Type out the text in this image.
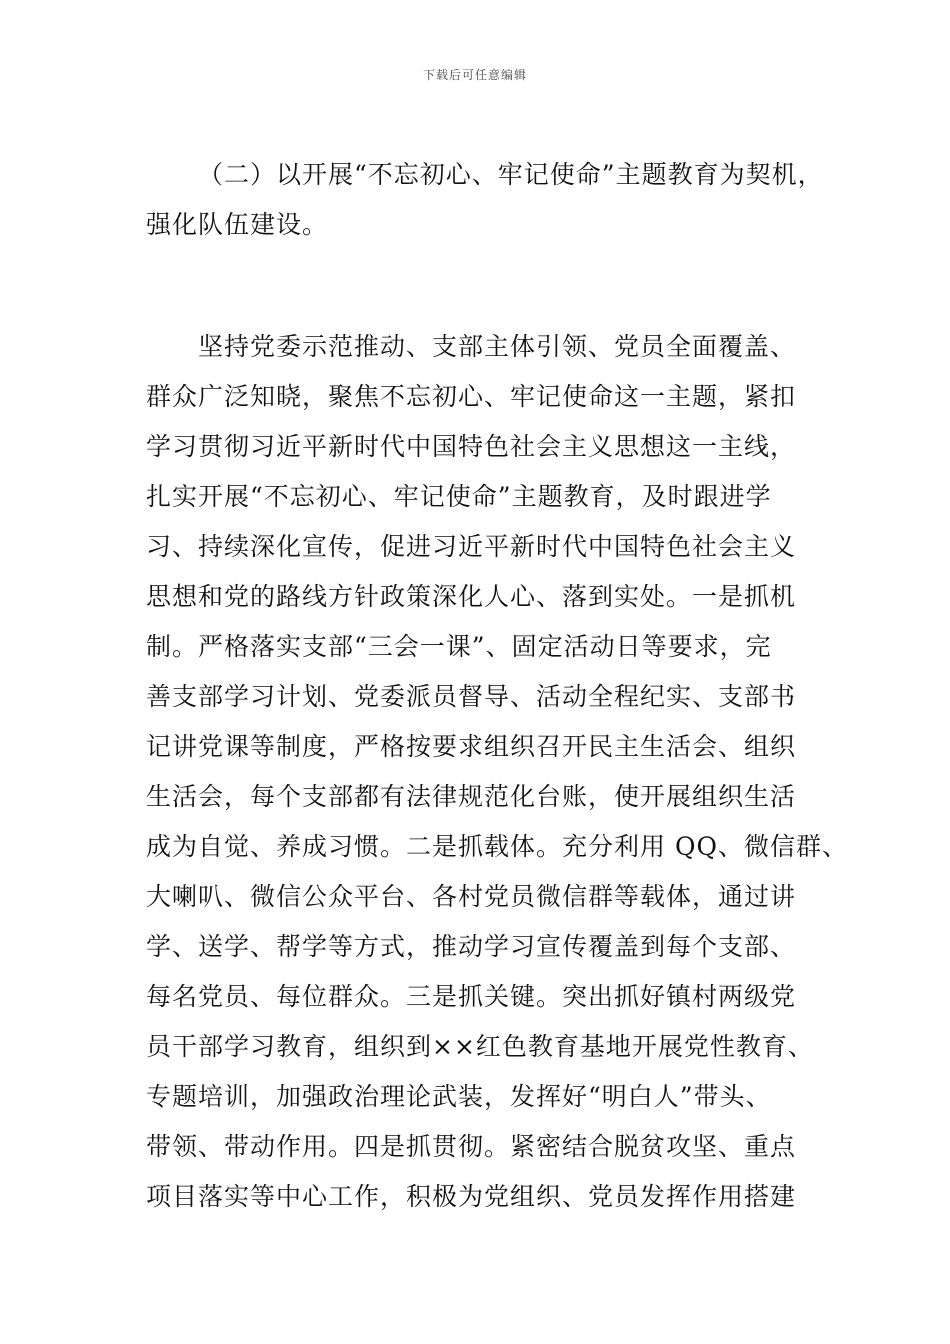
下载后可任意编辑
（二）以开展“不忘初心、牢记使命”主题教育为契机，
强化队伍建设。
坚持党委示范推动、支部主体引领、党员全面覆盖、
群众广泛知晓，聚焦不忘初心、牢记使命这一主题，紧扣
学习贯彻习近平新时代中国特色社会主义思想这一主线，
扎实开展“不忘初心、牢记使命”主题教育，及时跟进学
习、持续深化宣传，促进习近平新时代中国特色社会主义
思想和党的路线方针政策深化人心、落到实处。一是抓机
制。严格落实支部“三会一课”、固定活动日等要求，完
善支部学习计划、党委派员督导、活动全程纪实、支部书
记讲党课等制度，严格按要求组织召开民主生活会、组织
生活会，每个支部都有法律规范化台账，使开展组织生活
成为自觉、养成习惯。二是抓载体。充分利用 QQ、微信群、
大喇叭、微信公众平台、各村党员微信群等载体，通过讲
学、送学、帮学等方式，推动学习宣传覆盖到每个支部、
每名党员、每位群众。三是抓关键。突出抓好镇村两级党
员干部学习教育，组织到××红色教育基地开展党性教育、
专题培训，加强政治理论武装，发挥好“明白人”带头、
带领、带动作用。四是抓贯彻。紧密结合脱贫攻坚、重点
项目落实等中心工作，积极为党组织、党员发挥作用搭建
